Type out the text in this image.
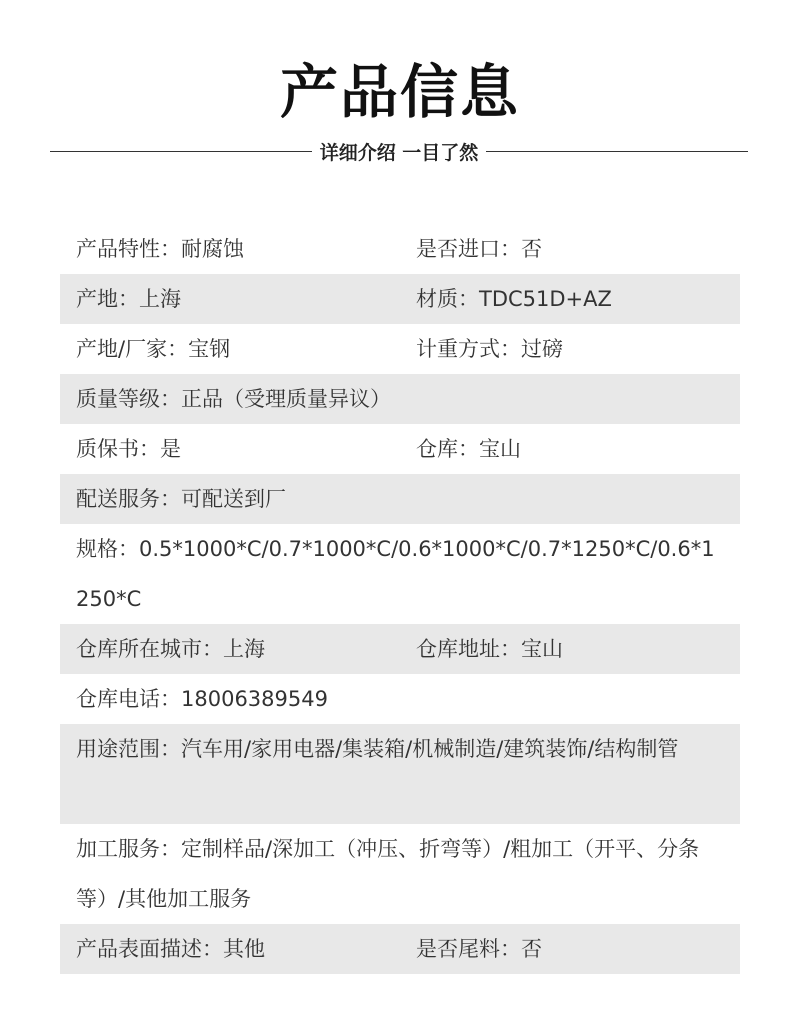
产品信息
详细介绍 一目了然
产品特性：耐腐蚀	是否进口：否
产地：上海	材质：TDC51D+AZ
产地/厂家：宝钢	计重方式：过磅
质量等级：正品（受理质量异议）
质保书：是	仓库：宝山
配送服务：可配送到厂
规格：0.5*1000*C/0.7*1000*C/0.6*1000*C/0.7*1250*C/0.6*1250*C
仓库所在城市：上海	仓库地址：宝山
仓库电话：18006389549
用途范围：汽车用/家用电器/集装箱/机械制造/建筑装饰/结构制管
加工服务：定制样品/深加工（冲压、折弯等）/粗加工（开平、分条等）/其他加工服务
产品表面描述：其他	是否尾料：否
